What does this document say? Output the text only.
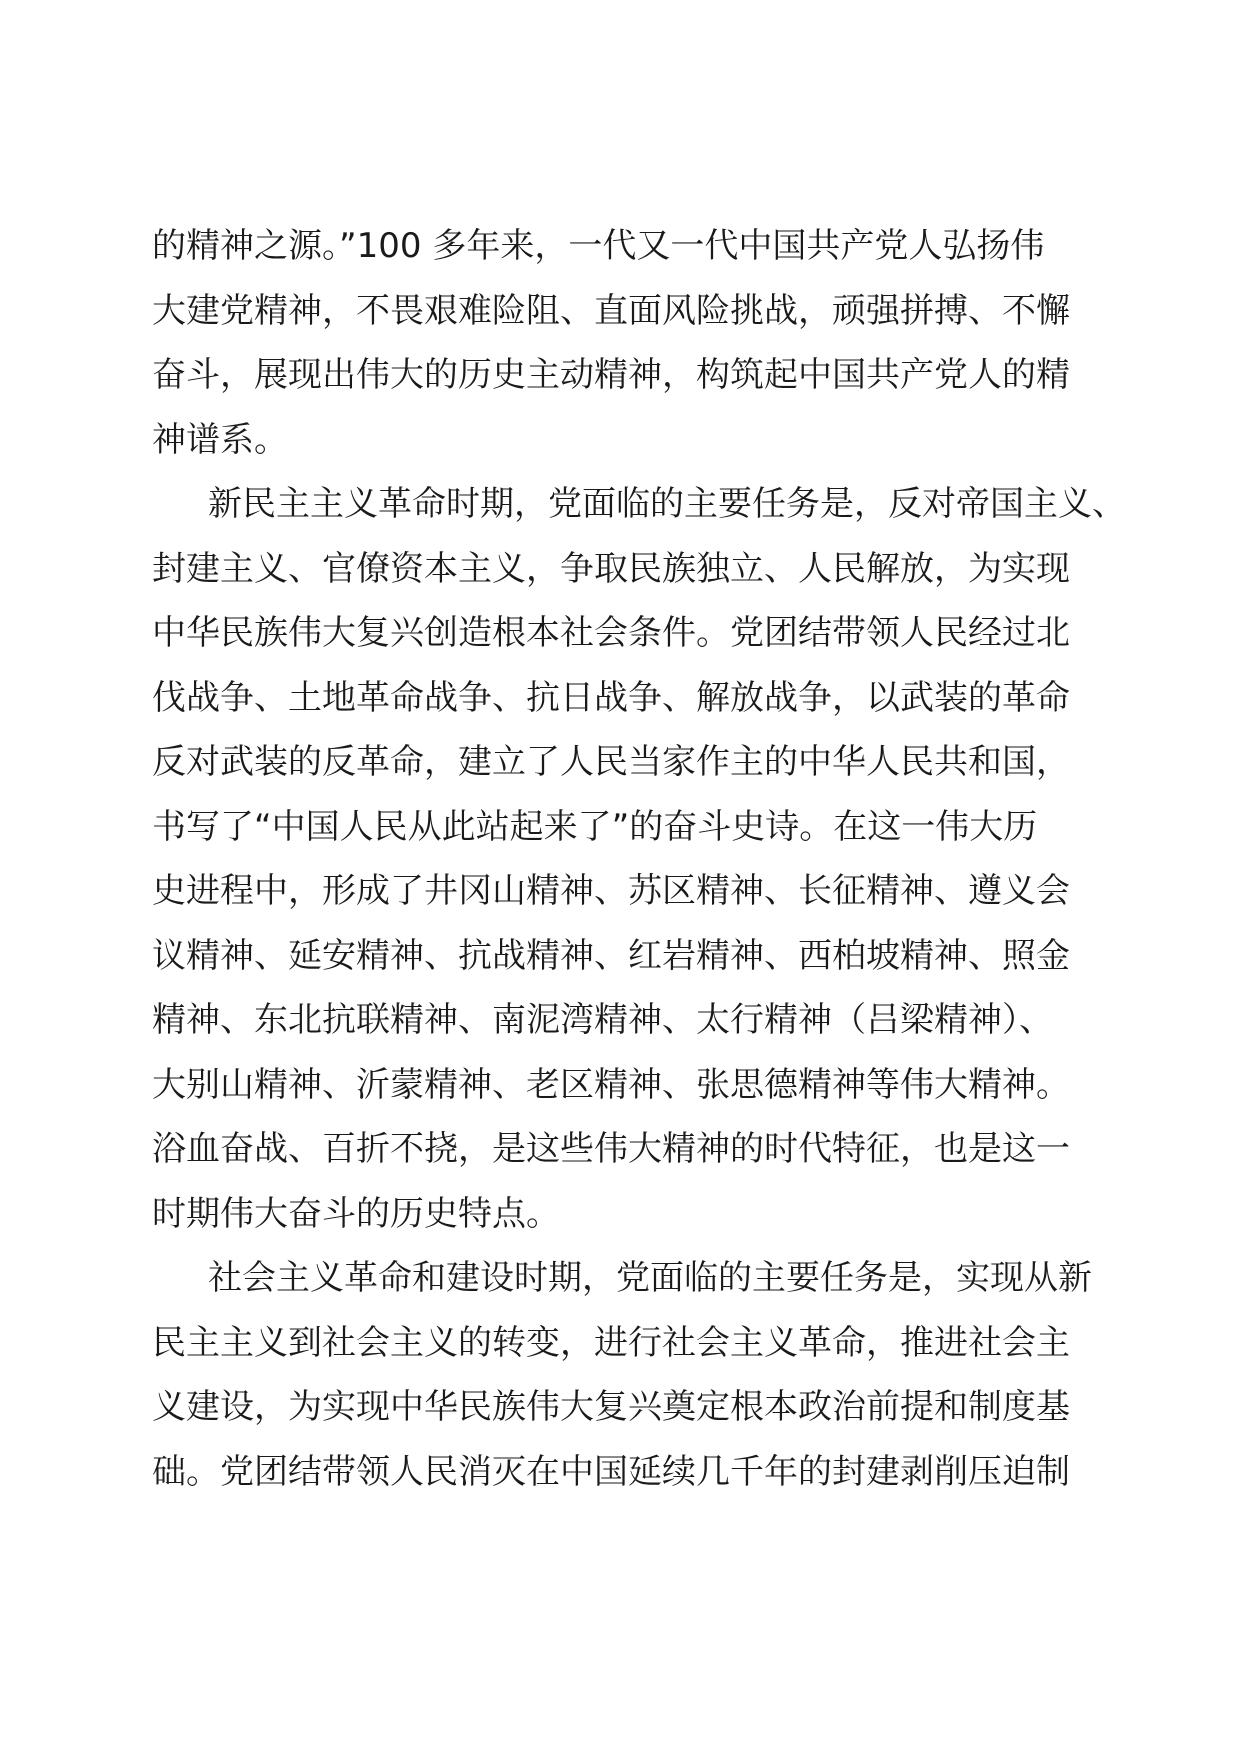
的精神之源。”100 多年来，一代又一代中国共产党人弘扬伟
大建党精神，不畏艰难险阻、直面风险挑战，顽强拼搏、不懈
奋斗，展现出伟大的历史主动精神，构筑起中国共产党人的精
神谱系。
新民主主义革命时期，党面临的主要任务是，反对帝国主义、
封建主义、官僚资本主义，争取民族独立、人民解放，为实现
中华民族伟大复兴创造根本社会条件。党团结带领人民经过北
伐战争、土地革命战争、抗日战争、解放战争，以武装的革命
反对武装的反革命，建立了人民当家作主的中华人民共和国，
书写了“中国人民从此站起来了”的奋斗史诗。在这一伟大历
史进程中，形成了井冈山精神、苏区精神、长征精神、遵义会
议精神、延安精神、抗战精神、红岩精神、西柏坡精神、照金
精神、东北抗联精神、南泥湾精神、太行精神（吕梁精神）、
大别山精神、沂蒙精神、老区精神、张思德精神等伟大精神。
浴血奋战、百折不挠，是这些伟大精神的时代特征，也是这一
时期伟大奋斗的历史特点。
社会主义革命和建设时期，党面临的主要任务是，实现从新
民主主义到社会主义的转变，进行社会主义革命，推进社会主
义建设，为实现中华民族伟大复兴奠定根本政治前提和制度基
础。党团结带领人民消灭在中国延续几千年的封建剥削压迫制
